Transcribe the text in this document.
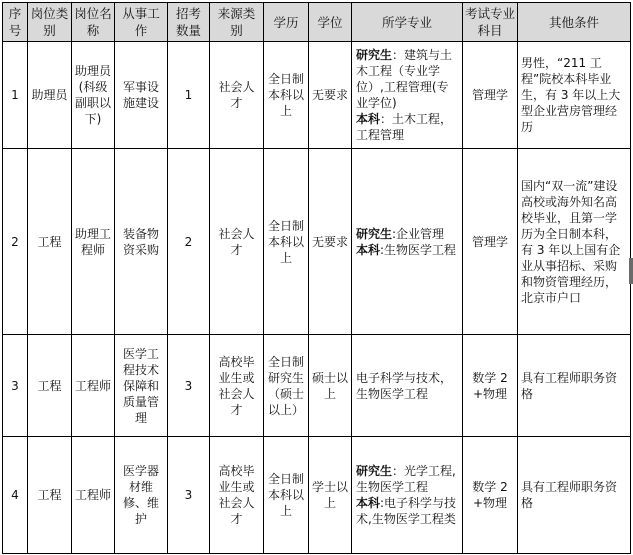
序号	岗位类别	岗位名称	从事工作	招考数量	来源类别	学历	学位	所学专业	考试专业科目	其他条件
1	助理员	助理员(科级副职以下)	军事设施建设	1	社会人才	全日制本科以上	无要求	研究生：建筑与土木工程（专业学位）,工程管理(专业学位)
本科：土木工程，工程管理	管理学	男性，“211 工程”院校本科毕业生，有 3 年以上大型企业营房管理经历
2	工程	助理工程师	装备物资采购	2	社会人才	全日制本科以上	无要求	研究生:企业管理
本科:生物医学工程	管理学	国内“双一流”建设高校或海外知名高校毕业，且第一学历为全日制本科，有 3 年以上国有企业从事招标、采购和物资管理经历，北京市户口
3	工程	工程师	医学工程技术保障和质量管理	3	高校毕业生或社会人才	全日制研究生（硕士以上）	硕士以上	电子科学与技术，生物医学工程	数学 2+物理	具有工程师职务资格
4	工程	工程师	医学器材维修、维护	3	高校毕业生或社会人才	全日制本科以上	学士以上	研究生：光学工程,生物医学工程
本科:电子科学与技术,生物医学工程类	数学 2+物理	具有工程师职务资格
